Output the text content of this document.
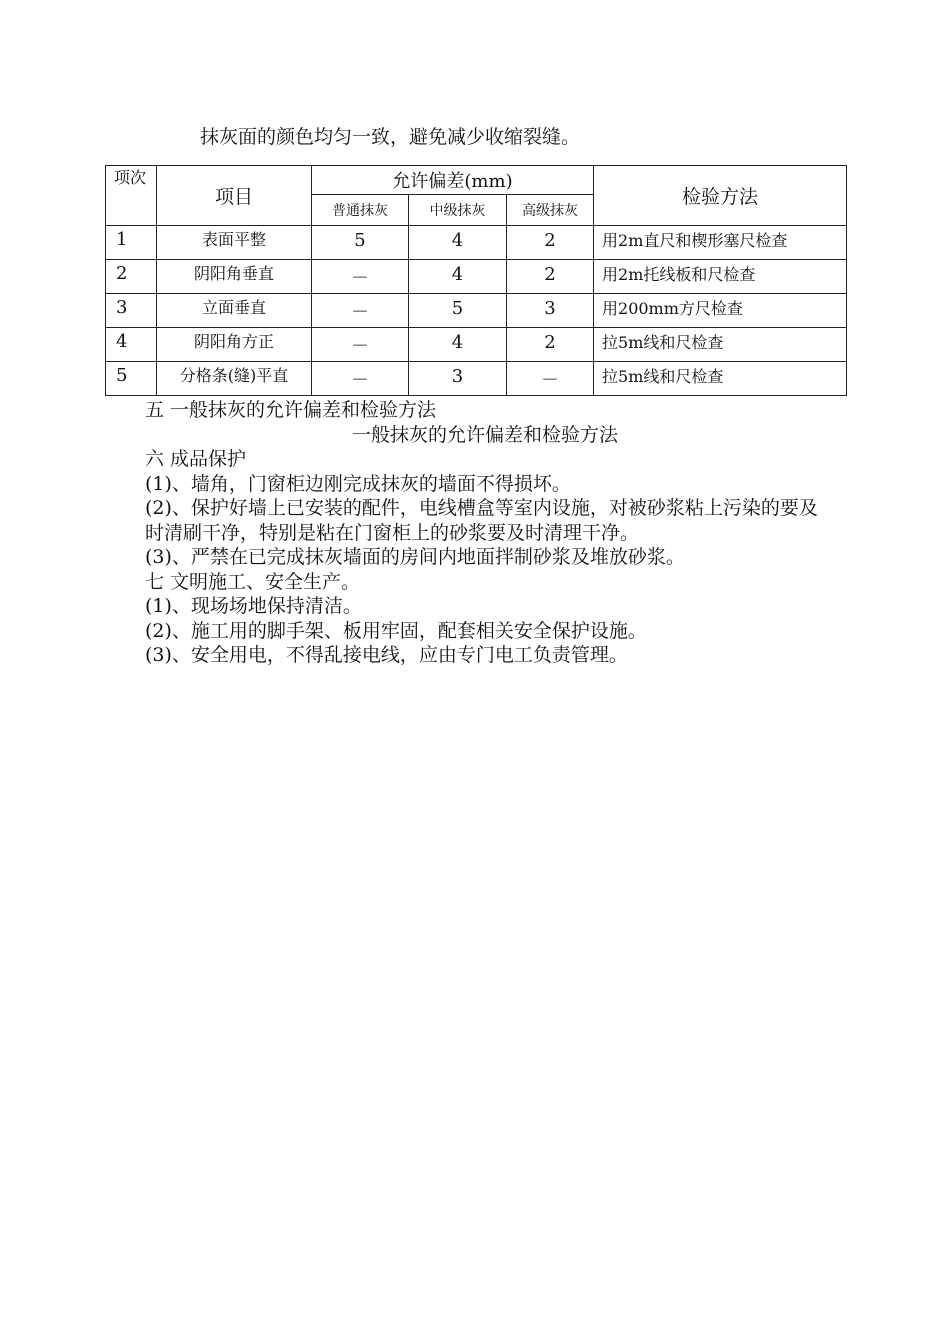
抹灰面的颜色均匀一致，避免减少收缩裂缝。
项次	项目	允许偏差(mm)			检验方法
		普通抹灰	中级抹灰	高级抹灰	
1	表面平整	5	4	2	用2m直尺和楔形塞尺检查
2	阴阳角垂直	－	4	2	用2m托线板和尺检查
3	立面垂直	－	5	3	用200mm方尺检查
4	阴阳角方正	－	4	2	拉5m线和尺检查
5	分格条(缝)平直	－	3	－	拉5m线和尺检查

五 一般抹灰的允许偏差和检验方法

一般抹灰的允许偏差和检验方法

六 成品保护

(1)、墙角，门窗柜边刚完成抹灰的墙面不得损坏。

(2)、保护好墙上已安装的配件，电线槽盒等室内设施，对被砂浆粘上污染的要及时清刷干净，特别是粘在门窗柜上的砂浆要及时清理干净。

(3)、严禁在已完成抹灰墙面的房间内地面拌制砂浆及堆放砂浆。

七 文明施工、安全生产。

(1)、现场场地保持清洁。

(2)、施工用的脚手架、板用牢固，配套相关安全保护设施。

(3)、安全用电，不得乱接电线，应由专门电工负责管理。
